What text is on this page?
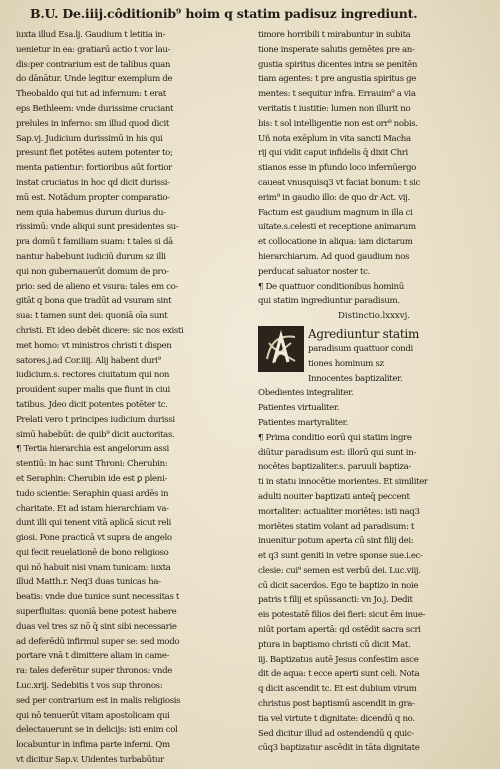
B.U. De.iiij.côditionib⁹ hoim q statim padisuz ingrediunt.
iuxta illud Esa.lj. Gaudium t letitia in-
uenietur in ea: gratiarū actio t vor lau-
dis:per contrarium est de talibus quan
do dānātur. Unde legitur exemplum de
Theobaldo qui tut ad infernum: t erat
eps Bethleem: vnde durissime cruciant
prelules in inferno: sm illud quod dicit
Sap.vj. Judicium durissimū in his qui
presunt fiet potētes autem potenter to;
menta patientur: fortioribus aūt fortior
instat cruciatus in hoc qd dicit durissi-
mū est. Notādum propter comparatio-
nem quia habemus durum durius du-
rissimū: vnde aliqui sunt presidentes su-
pra domū t familiam suam: t tales si dā
nantur habebunt iudiciū durum sz illi
qui non gubernauerūt domum de pro-
prio: sed de alieno et vsura: tales em co-
gitāt q bona que tradūt ad vsuram sint
sua: t tamen sunt dei: quoniā oīa sunt
christi. Et ideo debēt dicere: sic nos existi
met homo: vt ministros christi t dispen
satores.j.ad Cor.iiij. Alij habent duri⁹
iudicium.s. rectores ciuitatum qui non
prouident super malis que fiunt in ciui
tatibus. Jdeo dicit potentes potēter tc.
Prelati vero t principes iudicium durissi
simū habebūt: de quib⁹ dicit auctoritas.
¶ Tertia hierarchia est angelorum assi
stentiū: in hac sunt Throni: Cherubin:
et Seraphin: Cherubin ide est ꝑ pleni-
tudo scientie: Seraphin quasi ardēs in
charitate. Et ad istam hierarchiam va-
dunt illi qui tenent vitā aplicā sicut reli
giosi. Pone practicā vt supra de angelo
qui fecit reuelationē de bono religioso
qui nō habuit nisi vnam tunicam: iuxta
illud Matth.r. Neq3 duas tunicas ha-
beatis: vnde due tunice sunt necessitas t
superfluitas: quoniā bene potest habere
duas vel tres sz nō q̄ sint sibi necessarie
ad deferēdū infirmul super se: sed modo
portare vnā t dimittere aliam in came-
ra: tales deferētur super thronos: vnde
Luc.xrij. Sedebitis t vos sup thronos:
sed per contrarium est in malis religiosis
qui nō tenuerūt vitam apostolicam qui
delectauerunt se in delicijs: isti enim col
locabuntur in infima parte inferni. Qm
vt dicitur Sap.v. Uidentes turbabūtur
timore horribili t mirabuntur in subita
tione insperate salutis gemētes pre an-
gustia spiritus dicentes intra se penitēn
tiam agentes: t pre angustia spiritus ge
mentes: t sequitur infra. Errauim⁹ a via
veritatis t iustitie: lumen non illurit no
bis: t sol intelligentie non est orr⁹ nobis.
Uñ nota exēplum in vita sancti Macha
rij qui vidit caput infidelis q̄ dixit Chri
stianos esse in pfundo loco infernūergo
caueat vnusquisq3 vt faciat bonum: t sic
erim⁹ in gaudio illo: de quo dr Act. vij.
Factum est gaudium magnum in illa ci
uitate.s.celesti et receptione animarum
et collocatione in aliqua: iam dictarum
hierarchiarum. Ad quod gaudium nos
perducat saluator noster tc.
¶ De quattuor conditionibus hominū
qui statim ingrediuntur paradisum.
Distinctio.lxxxvj.
Agrediuntur statim
paradisum quattuor condi
tiones hominum sz
Innocentes baptizaliter.
Obedientes integraliter.
Patientes virtualiter.
Patientes martyraliter.
¶ Prima conditio eorū qui statim ingre
diūtur paradisum est: illorū qui sunt in-
nocētes baptizaliter.s. paruuli baptiza-
ti in statu innocētie morientes. Et similiter
adulti nouiter baptizati anteq̄ peccent
mortaliter: actualiter moriētes: isti naq3
moriētes statim volant ad paradisum: t
inuenitur potum aperta cū sint filij dei:
et q3 sunt geniti in vetre sponse sue.i.ec-
clesie: cui⁹ semen est verbū dei. Luc.viij.
cū dicit sacerdos. Ego te baptizo in noie
patris t filij et spūssancti: vn Jo.j. Dedit
eis potestatē filios dei fieri: sicut ēm inue-
niūt portam apertā: qd ostēdit sacra scri
ptura in baptismo christi cū dicit Mat.
iij. Baptizatus autē Jesus confestim asce
dit de aqua: t ecce aperti sunt celi. Nota
q dicit ascendit tc. Et est dubium virum
christus post baptismū ascendit in gra-
tia vel virtute t dignitate: dicendū q no.
Sed dicitur illud ad ostendendū q quic-
cūq3 baptizatur ascēdit in tāta dignitate
